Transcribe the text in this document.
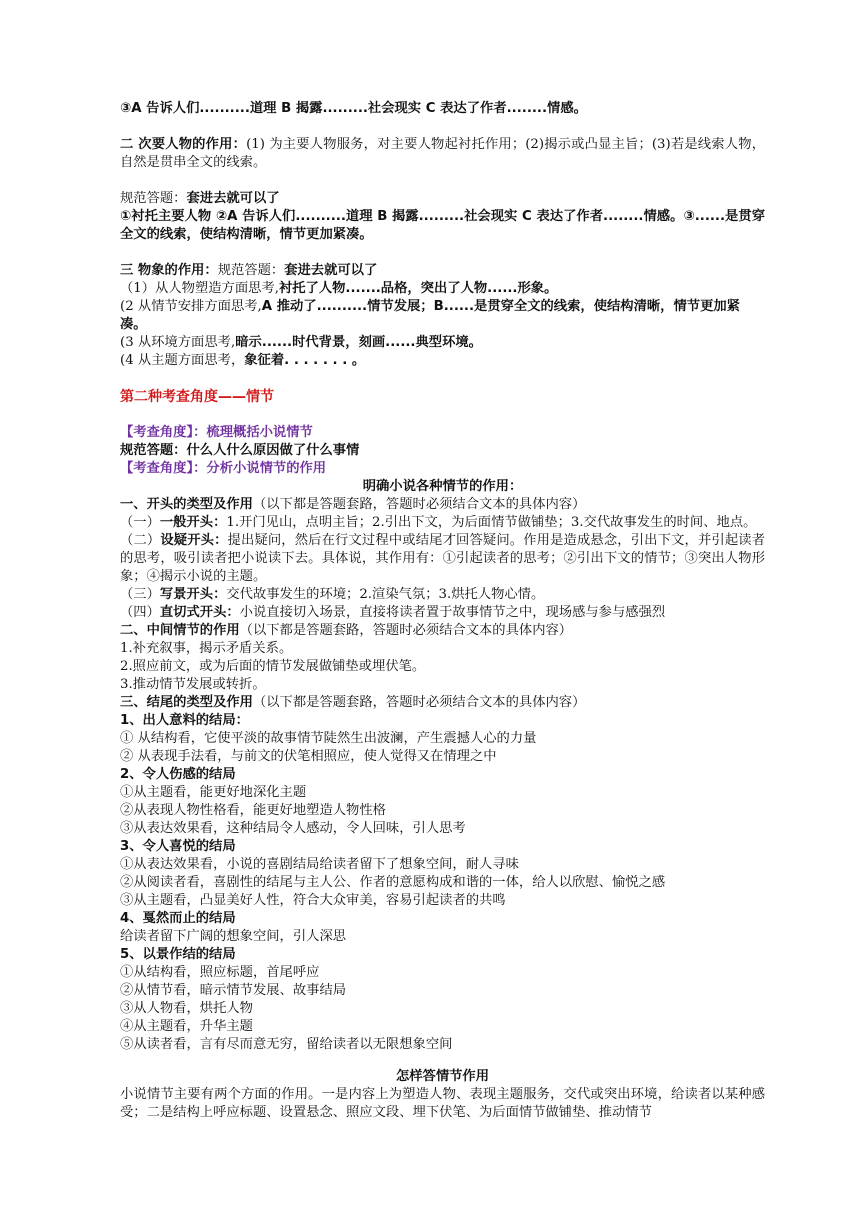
③A 告诉人们..........道理 B 揭露.........社会现实 C 表达了作者........情感。

二 次要人物的作用：(1) 为主要人物服务，对主要人物起衬托作用；(2)揭示或凸显主旨；(3)若是线索人物，自然是贯串全文的线索。

规范答题：套进去就可以了

①衬托主要人物 ②A 告诉人们..........道理 B 揭露.........社会现实 C 表达了作者........情感。③......是贯穿全文的线索，使结构清晰，情节更加紧凑。

三 物象的作用：规范答题：套进去就可以了

（1）从人物塑造方面思考,衬托了人物.......品格，突出了人物......形象。

(2 从情节安排方面思考,A 推动了..........情节发展；B......是贯穿全文的线索，使结构清晰，情节更加紧凑。

(3 从环境方面思考,暗示......时代背景，刻画......典型环境。

(4 从主题方面思考，象征着. . . . . . . 。

第二种考查角度——情节

【考查角度】：梳理概括小说情节

规范答题：什么人什么原因做了什么事情

【考查角度】：分析小说情节的作用

明确小说各种情节的作用：

一、开头的类型及作用（以下都是答题套路，答题时必须结合文本的具体内容）

（一）一般开头：1.开门见山，点明主旨；2.引出下文，为后面情节做铺垫；3.交代故事发生的时间、地点。

（二）设疑开头：提出疑问，然后在行文过程中或结尾才回答疑问。作用是造成悬念，引出下文，并引起读者的思考，吸引读者把小说读下去。具体说，其作用有：①引起读者的思考；②引出下文的情节；③突出人物形象；④揭示小说的主题。

（三）写景开头：交代故事发生的环境；2.渲染气氛；3.烘托人物心情。

（四）直切式开头：小说直接切入场景，直接将读者置于故事情节之中，现场感与参与感强烈

二、中间情节的作用（以下都是答题套路，答题时必须结合文本的具体内容）

1.补充叙事，揭示矛盾关系。

2.照应前文，或为后面的情节发展做铺垫或埋伏笔。

3.推动情节发展或转折。

三、结尾的类型及作用（以下都是答题套路，答题时必须结合文本的具体内容）

1、出人意料的结局：

① 从结构看，它使平淡的故事情节陡然生出波澜，产生震撼人心的力量

② 从表现手法看，与前文的伏笔相照应，使人觉得又在情理之中

2、令人伤感的结局

①从主题看，能更好地深化主题

②从表现人物性格看，能更好地塑造人物性格

③从表达效果看，这种结局令人感动，令人回味，引人思考

3、令人喜悦的结局

①从表达效果看，小说的喜剧结局给读者留下了想象空间，耐人寻味

②从阅读者看，喜剧性的结尾与主人公、作者的意愿构成和谐的一体，给人以欣慰、愉悦之感

③从主题看，凸显美好人性，符合大众审美，容易引起读者的共鸣

4、戛然而止的结局

给读者留下广阔的想象空间，引人深思

5、以景作结的结局

①从结构看，照应标题，首尾呼应

②从情节看，暗示情节发展、故事结局

③从人物看，烘托人物

④从主题看，升华主题

⑤从读者看，言有尽而意无穷，留给读者以无限想象空间

怎样答情节作用

小说情节主要有两个方面的作用。一是内容上为塑造人物、表现主题服务，交代或突出环境，给读者以某种感受；二是结构上呼应标题、设置悬念、照应文段、埋下伏笔、为后面情节做铺垫、推动情节
